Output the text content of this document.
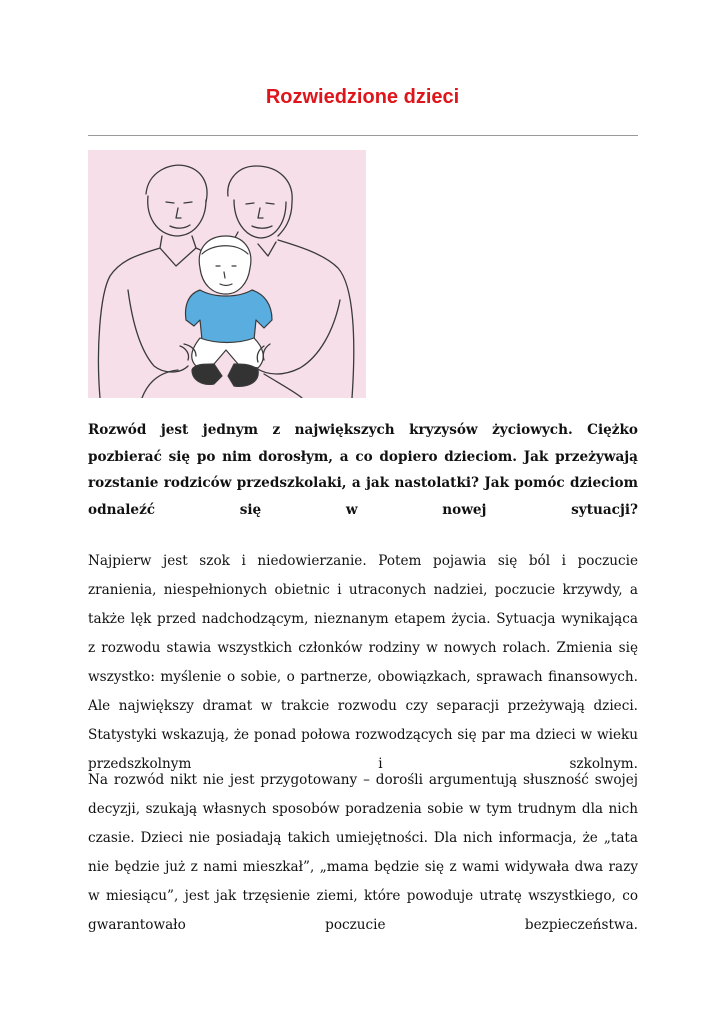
Rozwiedzione dzieci

Rozwód jest jednym z największych kryzysów życiowych. Ciężko pozbierać się po nim dorosłym, a co dopiero dzieciom. Jak przeżywają rozstanie rodziców przedszkolaki, a jak nastolatki? Jak pomóc dzieciom odnaleźć się w nowej sytuacji?

Najpierw jest szok i niedowierzanie. Potem pojawia się ból i poczucie zranienia, niespełnionych obietnic i utraconych nadziei, poczucie krzywdy, a także lęk przed nadchodzącym, nieznanym etapem życia. Sytuacja wynikająca z rozwodu stawia wszystkich członków rodziny w nowych rolach. Zmienia się wszystko: myślenie o sobie, o partnerze, obowiązkach, sprawach finansowych. Ale największy dramat w trakcie rozwodu czy separacji przeżywają dzieci. Statystyki wskazują, że ponad połowa rozwodzących się par ma dzieci w wieku przedszkolnym i szkolnym.

Na rozwód nikt nie jest przygotowany – dorośli argumentują słuszność swojej decyzji, szukają własnych sposobów poradzenia sobie w tym trudnym dla nich czasie. Dzieci nie posiadają takich umiejętności. Dla nich informacja, że „tata nie będzie już z nami mieszkał”, „mama będzie się z wami widywała dwa razy w miesiącu”, jest jak trzęsienie ziemi, które powoduje utratę wszystkiego, co gwarantowało poczucie bezpieczeństwa.
